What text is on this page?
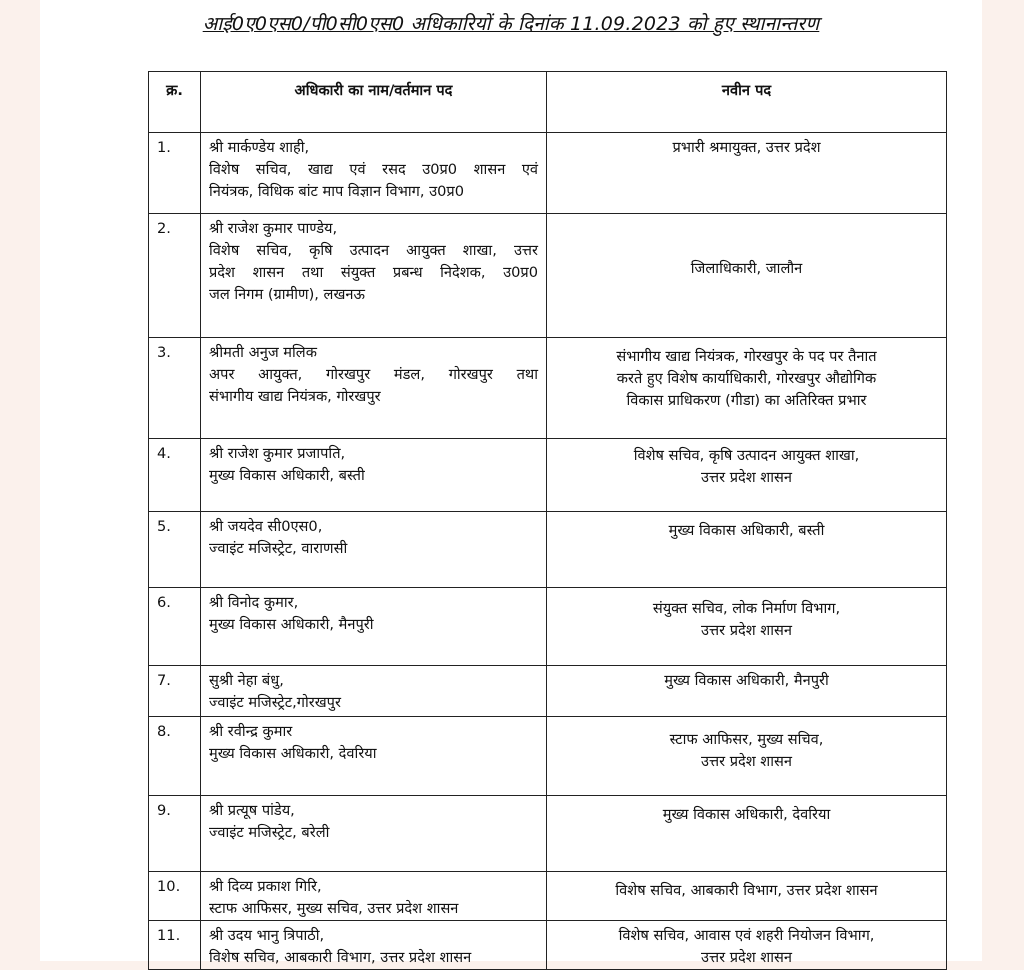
आई0ए0एस0/पी0सी0एस0 अधिकारियों के दिनांक 11.09.2023 को हुए स्थानान्तरण
क्र.	अधिकारी का नाम/वर्तमान पद	नवीन पद
1.	श्री मार्कण्डेय शाही,
विशेष सचिव, खाद्य एवं रसद उ0प्र0 शासन एवं
नियंत्रक, विधिक बांट माप विज्ञान विभाग, उ0प्र0	प्रभारी श्रमायुक्त, उत्तर प्रदेश

2.	श्री राजेश कुमार पाण्डेय,
विशेष सचिव, कृषि उत्पादन आयुक्त शाखा, उत्तर
प्रदेश शासन तथा संयुक्त प्रबन्ध निदेशक, उ0प्र0
जल निगम (ग्रामीण), लखनऊ	जिलाधिकारी, जालौन

3.	श्रीमती अनुज मलिक
अपर आयुक्त, गोरखपुर मंडल, गोरखपुर तथा
संभागीय खाद्य नियंत्रक, गोरखपुर	संभागीय खाद्य नियंत्रक, गोरखपुर के पद पर तैनात
करते हुए विशेष कार्याधिकारी, गोरखपुर औद्योगिक
विकास प्राधिकरण (गीडा) का अतिरिक्त प्रभार

4.	श्री राजेश कुमार प्रजापति,
मुख्य विकास अधिकारी, बस्ती	विशेष सचिव, कृषि उत्पादन आयुक्त शाखा,
उत्तर प्रदेश शासन

5.	श्री जयदेव सी0एस0,
ज्वाइंट मजिस्ट्रेट, वाराणसी	मुख्य विकास अधिकारी, बस्ती

6.	श्री विनोद कुमार,
मुख्य विकास अधिकारी, मैनपुरी	संयुक्त सचिव, लोक निर्माण विभाग,
उत्तर प्रदेश शासन

7.	सुश्री नेहा बंधु,
ज्वाइंट मजिस्ट्रेट,गोरखपुर	मुख्य विकास अधिकारी, मैनपुरी

8.	श्री रवीन्द्र कुमार
मुख्य विकास अधिकारी, देवरिया	स्टाफ आफिसर, मुख्य सचिव,
उत्तर प्रदेश शासन

9.	श्री प्रत्यूष पांडेय,
ज्वाइंट मजिस्ट्रेट, बरेली	मुख्य विकास अधिकारी, देवरिया

10.	श्री दिव्य प्रकाश गिरि,
स्टाफ आफिसर, मुख्य सचिव, उत्तर प्रदेश शासन	विशेष सचिव, आबकारी विभाग, उत्तर प्रदेश शासन

11.	श्री उदय भानु त्रिपाठी,
विशेष सचिव, आबकारी विभाग, उत्तर प्रदेश शासन	विशेष सचिव, आवास एवं शहरी नियोजन विभाग,
उत्तर प्रदेश शासन
